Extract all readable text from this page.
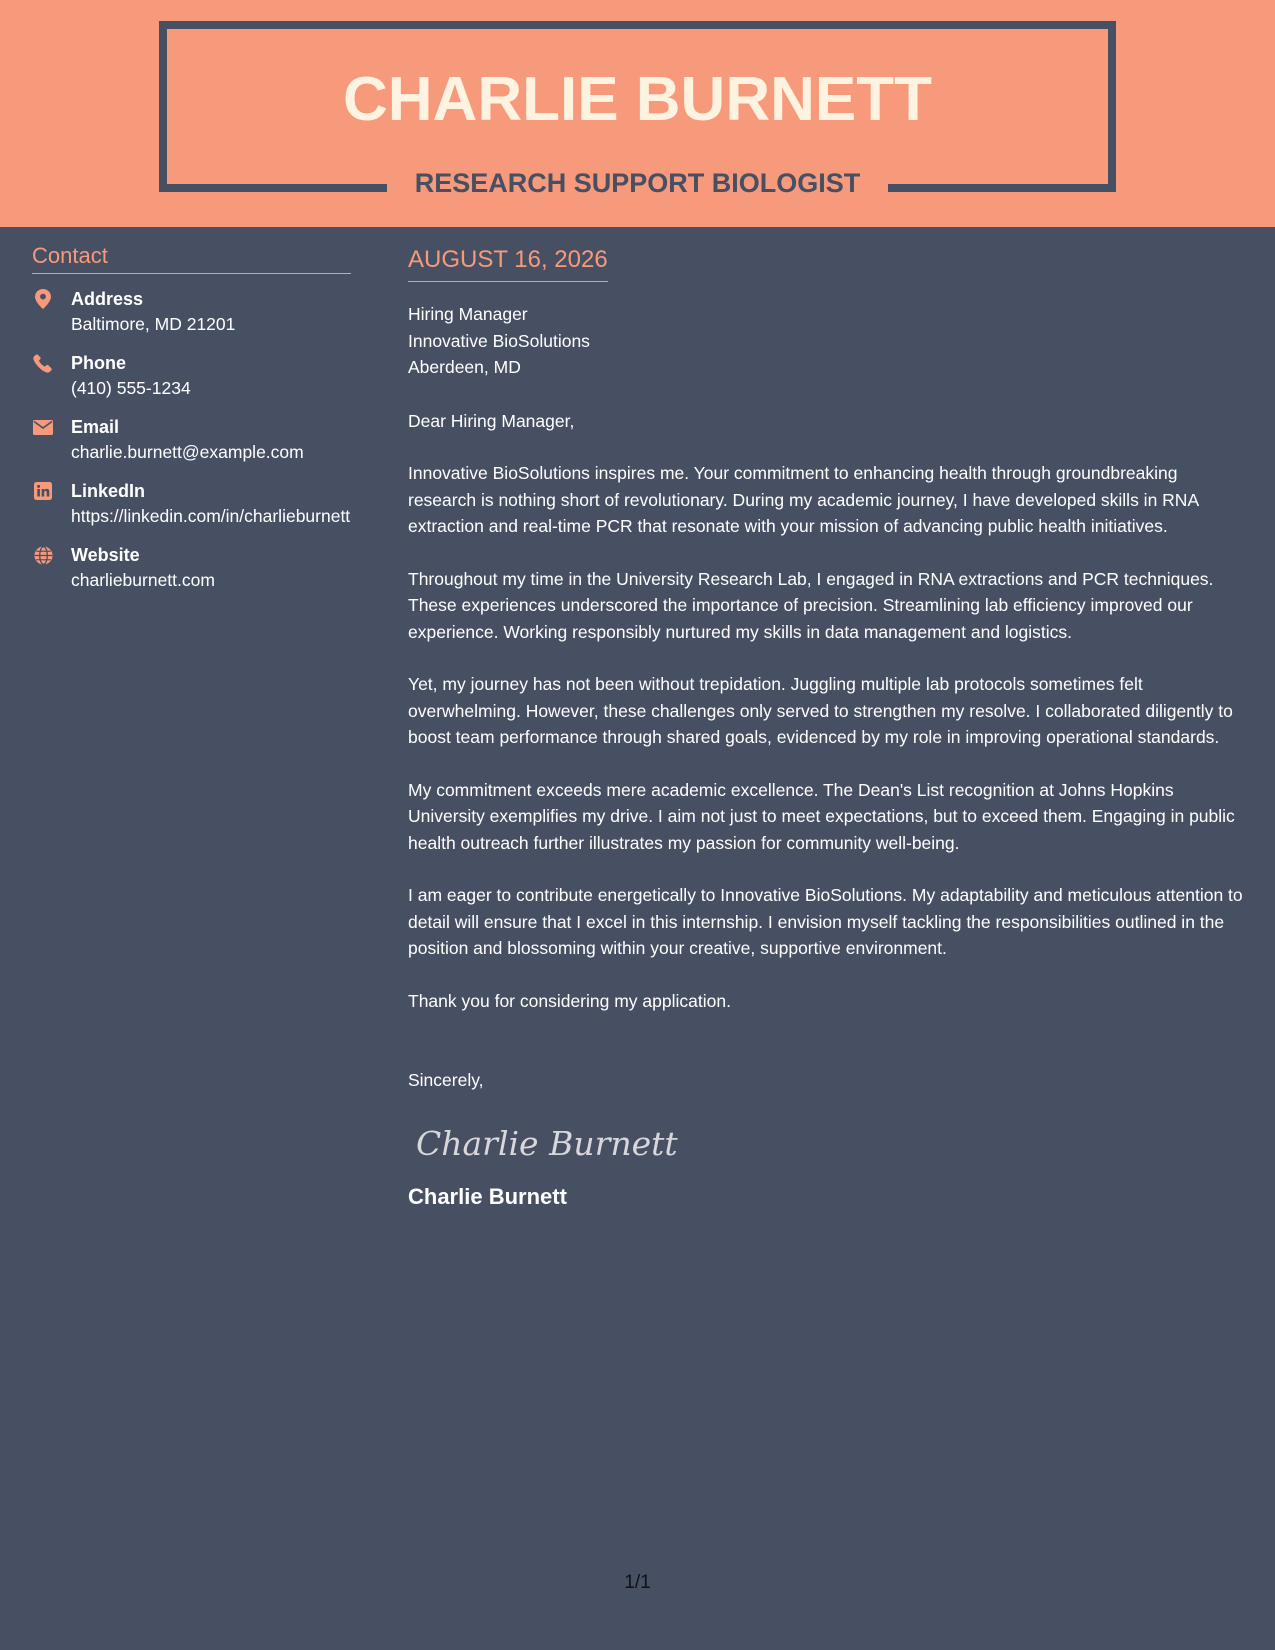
CHARLIE BURNETT
RESEARCH SUPPORT BIOLOGIST
Contact
Address
Baltimore, MD 21201
Phone
(410) 555-1234
Email
charlie.burnett@example.com
LinkedIn
https://linkedin.com/in/charlieburnett
Website
charlieburnett.com
AUGUST 16, 2026
Hiring Manager
Innovative BioSolutions
Aberdeen, MD
Dear Hiring Manager,
Innovative BioSolutions inspires me. Your commitment to enhancing health through groundbreaking research is nothing short of revolutionary. During my academic journey, I have developed skills in RNA extraction and real-time PCR that resonate with your mission of advancing public health initiatives.
Throughout my time in the University Research Lab, I engaged in RNA extractions and PCR techniques. These experiences underscored the importance of precision. Streamlining lab efficiency improved our experience. Working responsibly nurtured my skills in data management and logistics.
Yet, my journey has not been without trepidation. Juggling multiple lab protocols sometimes felt overwhelming. However, these challenges only served to strengthen my resolve. I collaborated diligently to boost team performance through shared goals, evidenced by my role in improving operational standards.
My commitment exceeds mere academic excellence. The Dean's List recognition at Johns Hopkins University exemplifies my drive. I aim not just to meet expectations, but to exceed them. Engaging in public health outreach further illustrates my passion for community well-being.
I am eager to contribute energetically to Innovative BioSolutions. My adaptability and meticulous attention to detail will ensure that I excel in this internship. I envision myself tackling the responsibilities outlined in the position and blossoming within your creative, supportive environment.
Thank you for considering my application.
Sincerely,
Charlie Burnett
Charlie Burnett
1/1
